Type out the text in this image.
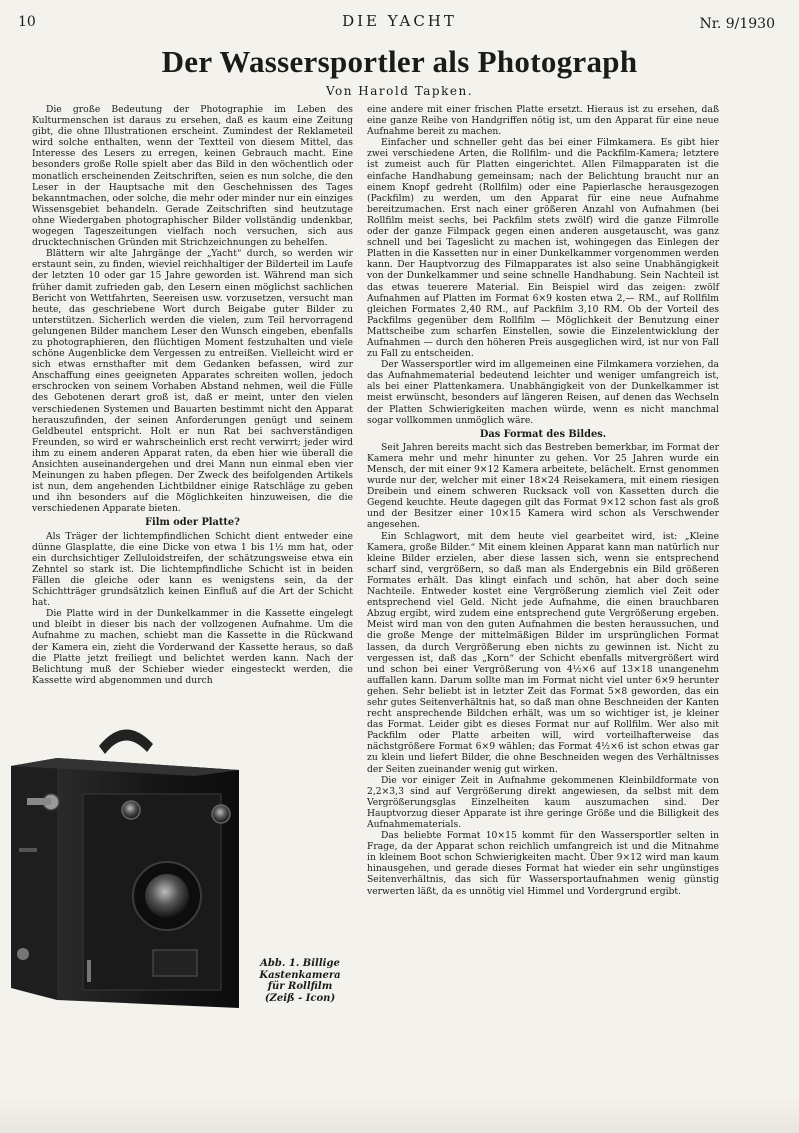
10	DIE YACHT	Nr. 9/1930
Der Wassersportler als Photograph
Von Harold Tapken.

Die große Bedeutung der Photographie im Leben des Kulturmenschen ist daraus zu ersehen, daß es kaum eine Zeitung gibt, die ohne Illustrationen erscheint. Zumindest der Reklameteil wird solche enthalten, wenn der Textteil von diesem Mittel, das Interesse des Lesers zu erregen, keinen Gebrauch macht. Eine besonders große Rolle spielt aber das Bild in den wöchentlich oder monatlich erscheinenden Zeitschriften, seien es nun solche, die den Leser in der Hauptsache mit den Geschehnissen des Tages bekanntmachen, oder solche, die mehr oder minder nur ein einziges Wissensgebiet behandeln. Gerade Zeitschriften sind heutzutage ohne Wiedergaben photographischer Bilder vollständig undenkbar, wogegen Tageszeitungen vielfach noch versuchen, sich aus drucktechnischen Gründen mit Strichzeichnungen zu behelfen.

Blättern wir alte Jahrgänge der „Yacht“ durch, so werden wir erstaunt sein, zu finden, wieviel reichhaltiger der Bilderteil im Laufe der letzten 10 oder gar 15 Jahre geworden ist. Während man sich früher damit zufrieden gab, den Lesern einen möglichst sachlichen Bericht von Wettfahrten, Seereisen usw. vorzusetzen, versucht man heute, das geschriebene Wort durch Beigabe guter Bilder zu unterstützen. Sicherlich werden die vielen, zum Teil hervorragend gelungenen Bilder manchem Leser den Wunsch eingeben, ebenfalls zu photographieren, den flüchtigen Moment festzuhalten und viele schöne Augenblicke dem Vergessen zu entreißen. Vielleicht wird er sich etwas ernsthafter mit dem Gedanken befassen, wird zur Anschaffung eines geeigneten Apparates schreiten wollen, jedoch erschrocken von seinem Vorhaben Abstand nehmen, weil die Fülle des Gebotenen derart groß ist, daß er meint, unter den vielen verschiedenen Systemen und Bauarten bestimmt nicht den Apparat herauszufinden, der seinen Anforderungen genügt und seinem Geldbeutel entspricht. Holt er nun Rat bei sachverständigen Freunden, so wird er wahrscheinlich erst recht verwirrt; jeder wird ihm zu einem anderen Apparat raten, da eben hier wie überall die Ansichten auseinandergehen und drei Mann nun einmal eben vier Meinungen zu haben pflegen. Der Zweck des beifolgenden Artikels ist nun, dem angehenden Lichtbildner einige Ratschläge zu geben und ihn besonders auf die Möglichkeiten hinzuweisen, die die verschiedenen Apparate bieten.

Film oder Platte?

Als Träger der lichtempfindlichen Schicht dient entweder eine dünne Glasplatte, die eine Dicke von etwa 1 bis 1½ mm hat, oder ein durchsichtiger Zelluloidstreifen, der schätzungsweise etwa ein Zehntel so stark ist. Die lichtempfindliche Schicht ist in beiden Fällen die gleiche oder kann es wenigstens sein, da der Schichtträger grundsätzlich keinen Einfluß auf die Art der Schicht hat.

Die Platte wird in der Dunkelkammer in die Kassette eingelegt und bleibt in dieser bis nach der vollzogenen Aufnahme. Um die Aufnahme zu machen, schiebt man die Kassette in die Rückwand der Kamera ein, zieht die Vorderwand der Kassette heraus, so daß die Platte jetzt freiliegt und belichtet werden kann. Nach der Belichtung muß der Schieber wieder eingesteckt werden, die Kassette wird abgenommen und durch

eine andere mit einer frischen Platte ersetzt. Hieraus ist zu ersehen, daß eine ganze Reihe von Handgriffen nötig ist, um den Apparat für eine neue Aufnahme bereit zu machen.

Einfacher und schneller geht das bei einer Filmkamera. Es gibt hier zwei verschiedene Arten, die Rollfilm- und die Packfilm-Kamera; letztere ist zumeist auch für Platten eingerichtet. Allen Filmapparaten ist die einfache Handhabung gemeinsam; nach der Belichtung braucht nur an einem Knopf gedreht (Rollfilm) oder eine Papierlasche herausgezogen (Packfilm) zu werden, um den Apparat für eine neue Aufnahme bereitzumachen. Erst nach einer größeren Anzahl von Aufnahmen (bei Rollfilm meist sechs, bei Packfilm stets zwölf) wird die ganze Filmrolle oder der ganze Filmpack gegen einen anderen ausgetauscht, was ganz schnell und bei Tageslicht zu machen ist, wohingegen das Einlegen der Platten in die Kassetten nur in einer Dunkelkammer vorgenommen werden kann. Der Hauptvorzug des Filmapparates ist also seine Unabhängigkeit von der Dunkelkammer und seine schnelle Handhabung. Sein Nachteil ist das etwas teuerere Material. Ein Beispiel wird das zeigen: zwölf Aufnahmen auf Platten im Format 6×9 kosten etwa 2,— RM., auf Rollfilm gleichen Formates 2,40 RM., auf Packfilm 3,10 RM. Ob der Vorteil des Packfilms gegenüber dem Rollfilm — Möglichkeit der Benutzung einer Mattscheibe zum scharfen Einstellen, sowie die Einzelentwicklung der Aufnahmen — durch den höheren Preis ausgeglichen wird, ist nur von Fall zu Fall zu entscheiden.

Der Wassersportler wird im allgemeinen eine Filmkamera vorziehen, da das Aufnahmematerial bedeutend leichter und weniger umfangreich ist, als bei einer Plattenkamera. Unabhängigkeit von der Dunkelkammer ist meist erwünscht, besonders auf längeren Reisen, auf denen das Wechseln der Platten Schwierigkeiten machen würde, wenn es nicht manchmal sogar vollkommen unmöglich wäre.

Das Format des Bildes.

Seit Jahren bereits macht sich das Bestreben bemerkbar, im Format der Kamera mehr und mehr hinunter zu gehen. Vor 25 Jahren wurde ein Mensch, der mit einer 9×12 Kamera arbeitete, belächelt. Ernst genommen wurde nur der, welcher mit einer 18×24 Reisekamera, mit einem riesigen Dreibein und einem schweren Rucksack voll von Kassetten durch die Gegend keuchte. Heute dagegen gilt das Format 9×12 schon fast als groß und der Besitzer einer 10×15 Kamera wird schon als Verschwender angesehen.

Ein Schlagwort, mit dem heute viel gearbeitet wird, ist: „Kleine Kamera, große Bilder.“ Mit einem kleinen Apparat kann man natürlich nur kleine Bilder erzielen, aber diese lassen sich, wenn sie entsprechend scharf sind, vergrößern, so daß man als Endergebnis ein Bild größeren Formates erhält. Das klingt einfach und schön, hat aber doch seine Nachteile. Entweder kostet eine Vergrößerung ziemlich viel Zeit oder entsprechend viel Geld. Nicht jede Aufnahme, die einen brauchbaren Abzug ergibt, wird zudem eine entsprechend gute Vergrößerung ergeben. Meist wird man von den guten Aufnahmen die besten heraussuchen, und die große Menge der mittelmäßigen Bilder im ursprünglichen Format lassen, da durch Vergrößerung eben nichts zu gewinnen ist. Nicht zu vergessen ist, daß das „Korn“ der Schicht ebenfalls mitvergrößert wird und schon bei einer Vergrößerung von 4½×6 auf 13×18 unangenehm auffallen kann. Darum sollte man im Format nicht viel unter 6×9 herunter gehen. Sehr beliebt ist in letzter Zeit das Format 5×8 geworden, das ein sehr gutes Seitenverhältnis hat, so daß man ohne Beschneiden der Kanten recht ansprechende Bildchen erhält, was um so wichtiger ist, je kleiner das Format. Leider gibt es dieses Format nur auf Rollfilm. Wer also mit Packfilm oder Platte arbeiten will, wird vorteilhafterweise das nächstgrößere Format 6×9 wählen; das Format 4½×6 ist schon etwas gar zu klein und liefert Bilder, die ohne Beschneiden wegen des Verhältnisses der Seiten zueinander wenig gut wirken.

Die vor einiger Zeit in Aufnahme gekommenen Kleinbildformate von 2,2×3,3 sind auf Vergrößerung direkt angewiesen, da selbst mit dem Vergrößerungsglas Einzelheiten kaum auszumachen sind. Der Hauptvorzug dieser Apparate ist ihre geringe Größe und die Billigkeit des Aufnahmematerials.

Das beliebte Format 10×15 kommt für den Wassersportler selten in Frage, da der Apparat schon reichlich umfangreich ist und die Mitnahme in kleinem Boot schon Schwierigkeiten macht. Über 9×12 wird man kaum hinausgehen, und gerade dieses Format hat wieder ein sehr ungünstiges Seitenverhältnis, das sich für Wassersportaufnahmen wenig günstig verwerten läßt, da es unnötig viel Himmel und Vordergrund ergibt.

Abb. 1. Billige Kastenkamera für Rollfilm (Zeiß - Icon)
